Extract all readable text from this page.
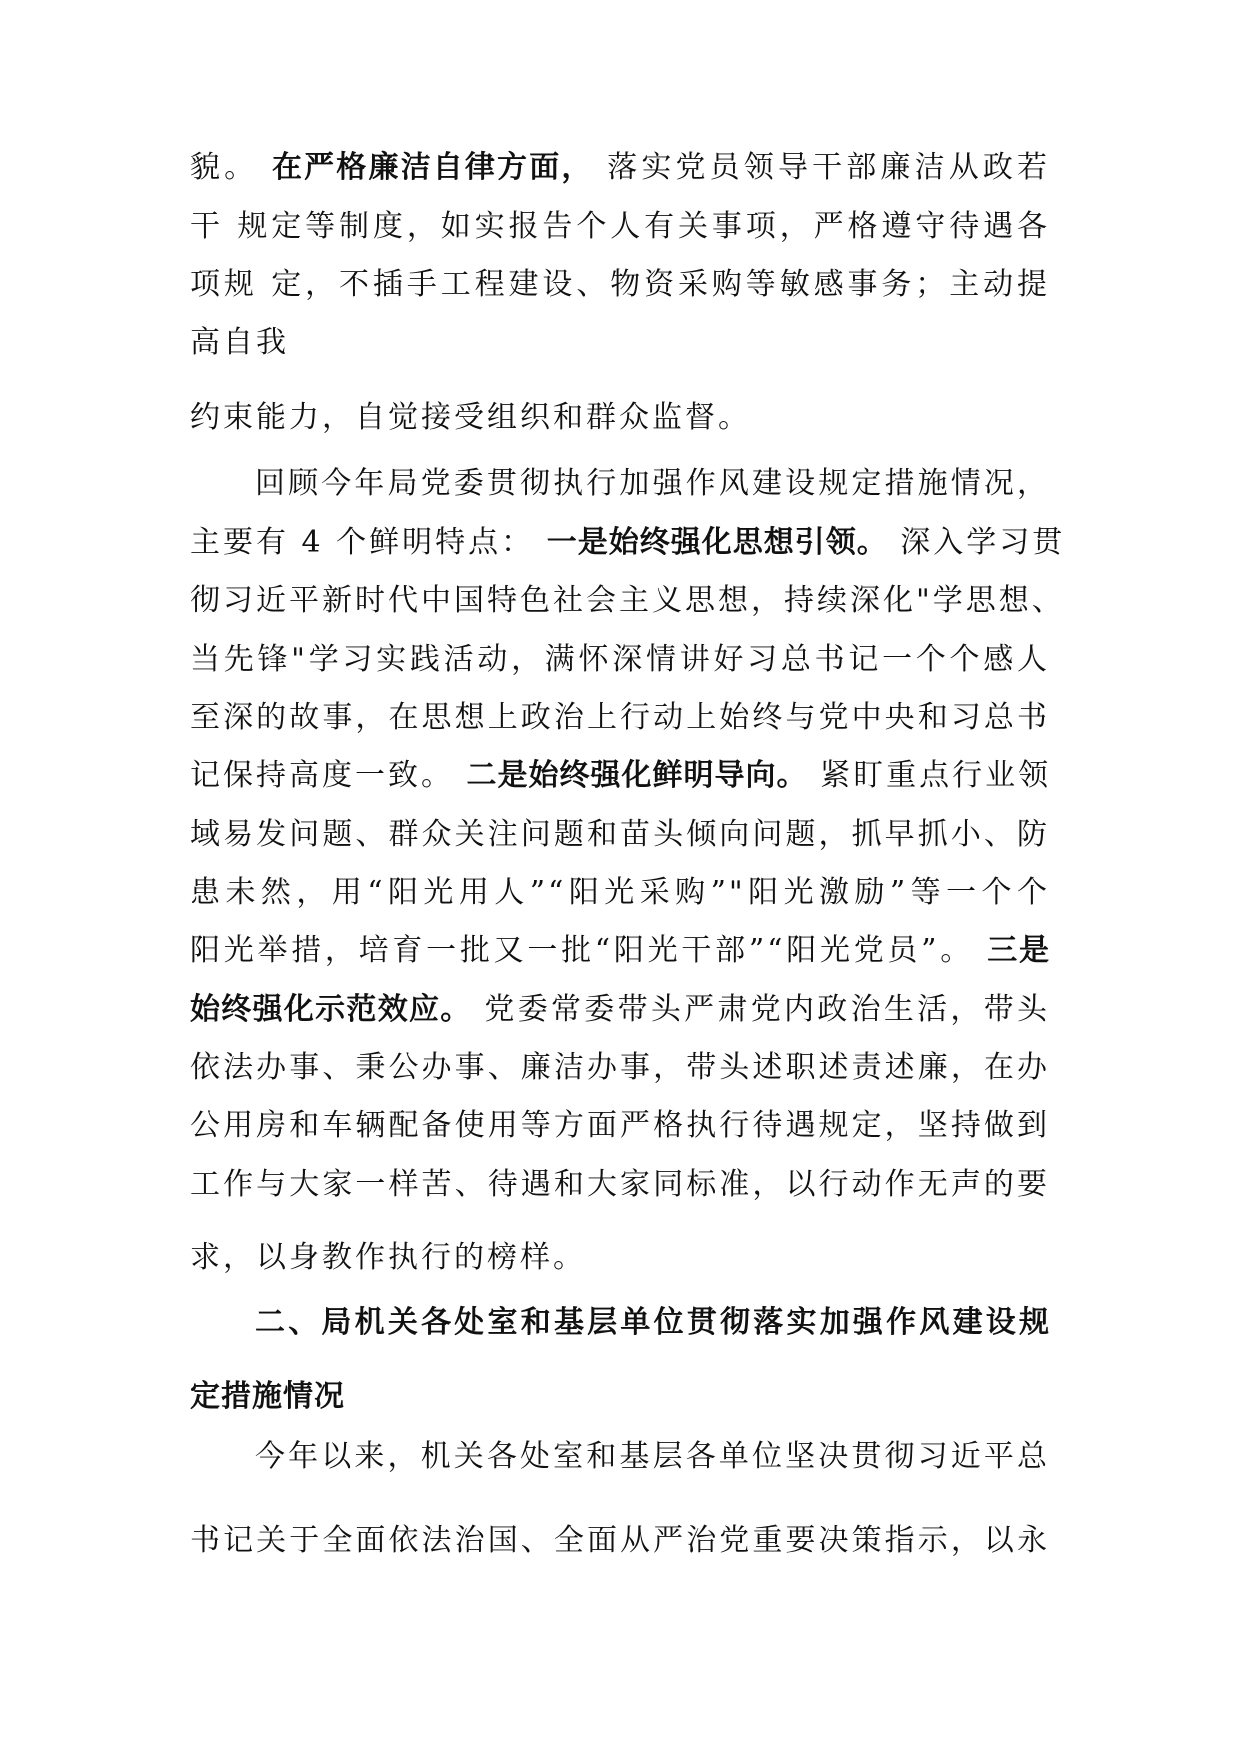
貌。 在严格廉洁自律方面， 落实党员领导干部廉洁从政若

干 规定等制度，如实报告个人有关事项，严格遵守待遇各

项规 定，不插手工程建设、物资采购等敏感事务；主动提

高自我

约束能力，自觉接受组织和群众监督。

回顾今年局党委贯彻执行加强作风建设规定措施情况，

主要有 4 个鲜明特点： 一是始终强化思想引领。 深入学习贯

彻习近平新时代中国特色社会主义思想，持续深化"学思想、

当先锋"学习实践活动，满怀深情讲好习总书记一个个感人

至深的故事，在思想上政治上行动上始终与党中央和习总书

记保持高度一致。 二是始终强化鲜明导向。 紧盯重点行业领

域易发问题、群众关注问题和苗头倾向问题，抓早抓小、防

患未然，用“阳光用人”“阳光采购”"阳光激励”等一个个

阳光举措，培育一批又一批“阳光干部”“阳光党员”。 三是

始终强化示范效应。 党委常委带头严肃党内政治生活，带头

依法办事、秉公办事、廉洁办事，带头述职述责述廉，在办

公用房和车辆配备使用等方面严格执行待遇规定，坚持做到

工作与大家一样苦、待遇和大家同标准，以行动作无声的要

求，以身教作执行的榜样。

二、局机关各处室和基层单位贯彻落实加强作风建设规

定措施情况

今年以来，机关各处室和基层各单位坚决贯彻习近平总

书记关于全面依法治国、全面从严治党重要决策指示，以永
